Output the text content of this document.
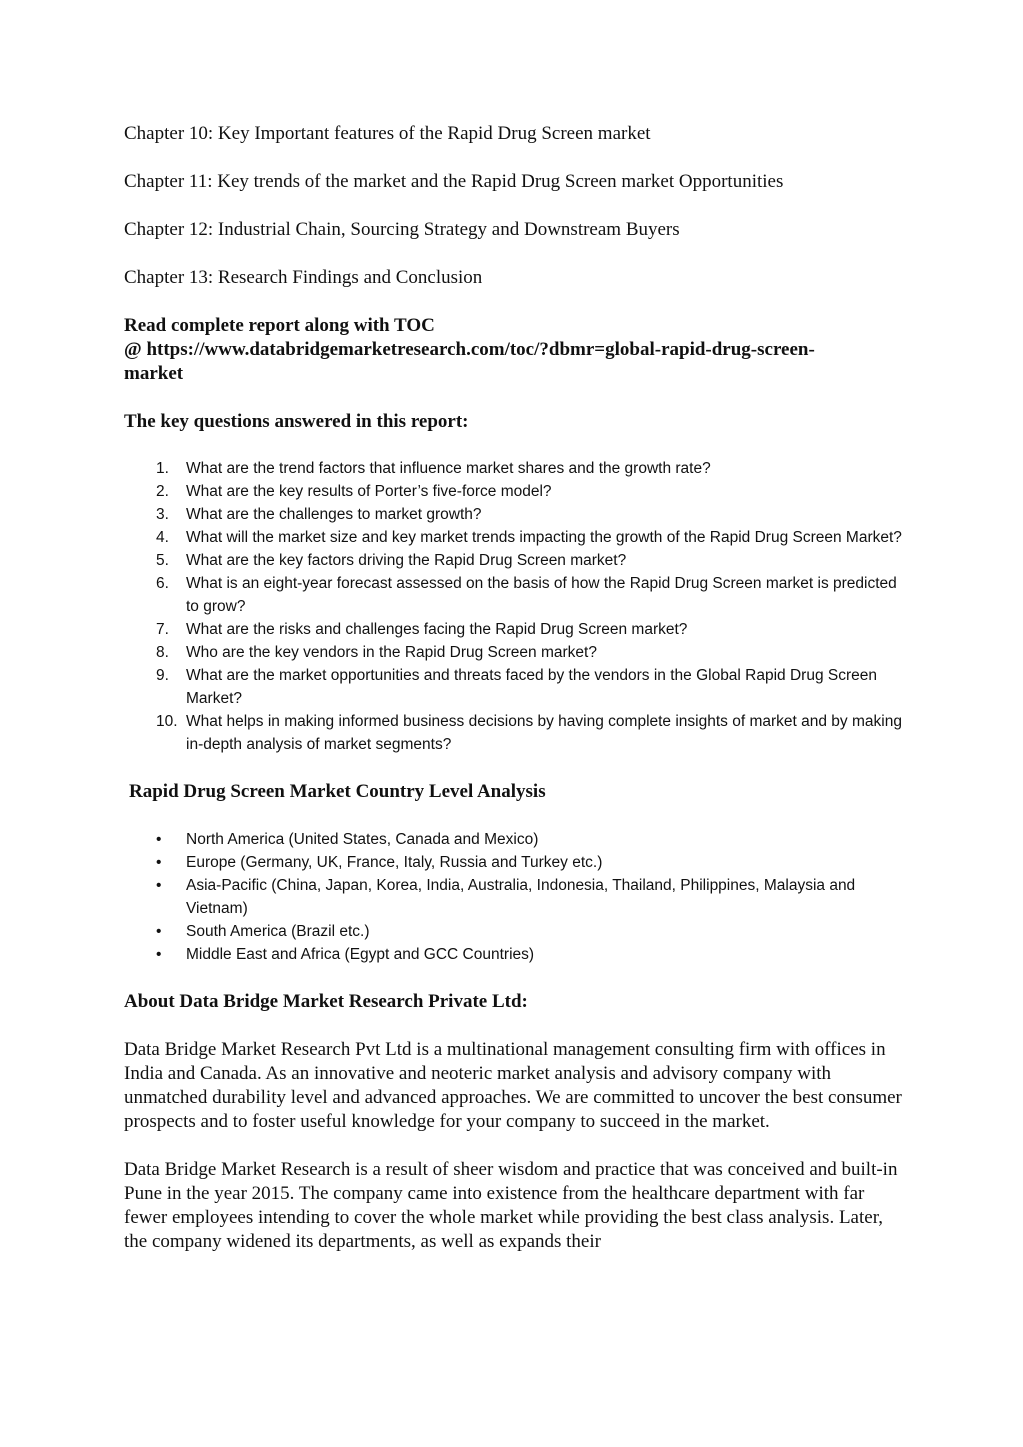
Chapter 10: Key Important features of the Rapid Drug Screen market

Chapter 11: Key trends of the market and the Rapid Drug Screen market Opportunities

Chapter 12: Industrial Chain, Sourcing Strategy and Downstream Buyers

Chapter 13: Research Findings and Conclusion

Read complete report along with TOC
@ https://www.databridgemarketresearch.com/toc/?dbmr=global-rapid-drug-screen-
market

The key questions answered in this report:

1. What are the trend factors that influence market shares and the growth rate?
2. What are the key results of Porter’s five-force model?
3. What are the challenges to market growth?
4. What will the market size and key market trends impacting the growth of the Rapid Drug Screen Market?
5. What are the key factors driving the Rapid Drug Screen market?
6. What is an eight-year forecast assessed on the basis of how the Rapid Drug Screen market is predicted to grow?
7. What are the risks and challenges facing the Rapid Drug Screen market?
8. Who are the key vendors in the Rapid Drug Screen market?
9. What are the market opportunities and threats faced by the vendors in the Global Rapid Drug Screen Market?
10. What helps in making informed business decisions by having complete insights of market and by making in-depth analysis of market segments?

Rapid Drug Screen Market Country Level Analysis

• North America (United States, Canada and Mexico)
• Europe (Germany, UK, France, Italy, Russia and Turkey etc.)
• Asia-Pacific (China, Japan, Korea, India, Australia, Indonesia, Thailand, Philippines, Malaysia and Vietnam)
• South America (Brazil etc.)
• Middle East and Africa (Egypt and GCC Countries)

About Data Bridge Market Research Private Ltd:

Data Bridge Market Research Pvt Ltd is a multinational management consulting firm with offices in India and Canada. As an innovative and neoteric market analysis and advisory company with unmatched durability level and advanced approaches. We are committed to uncover the best consumer prospects and to foster useful knowledge for your company to succeed in the market.

Data Bridge Market Research is a result of sheer wisdom and practice that was conceived and built-in Pune in the year 2015. The company came into existence from the healthcare department with far fewer employees intending to cover the whole market while providing the best class analysis. Later, the company widened its departments, as well as expands their
